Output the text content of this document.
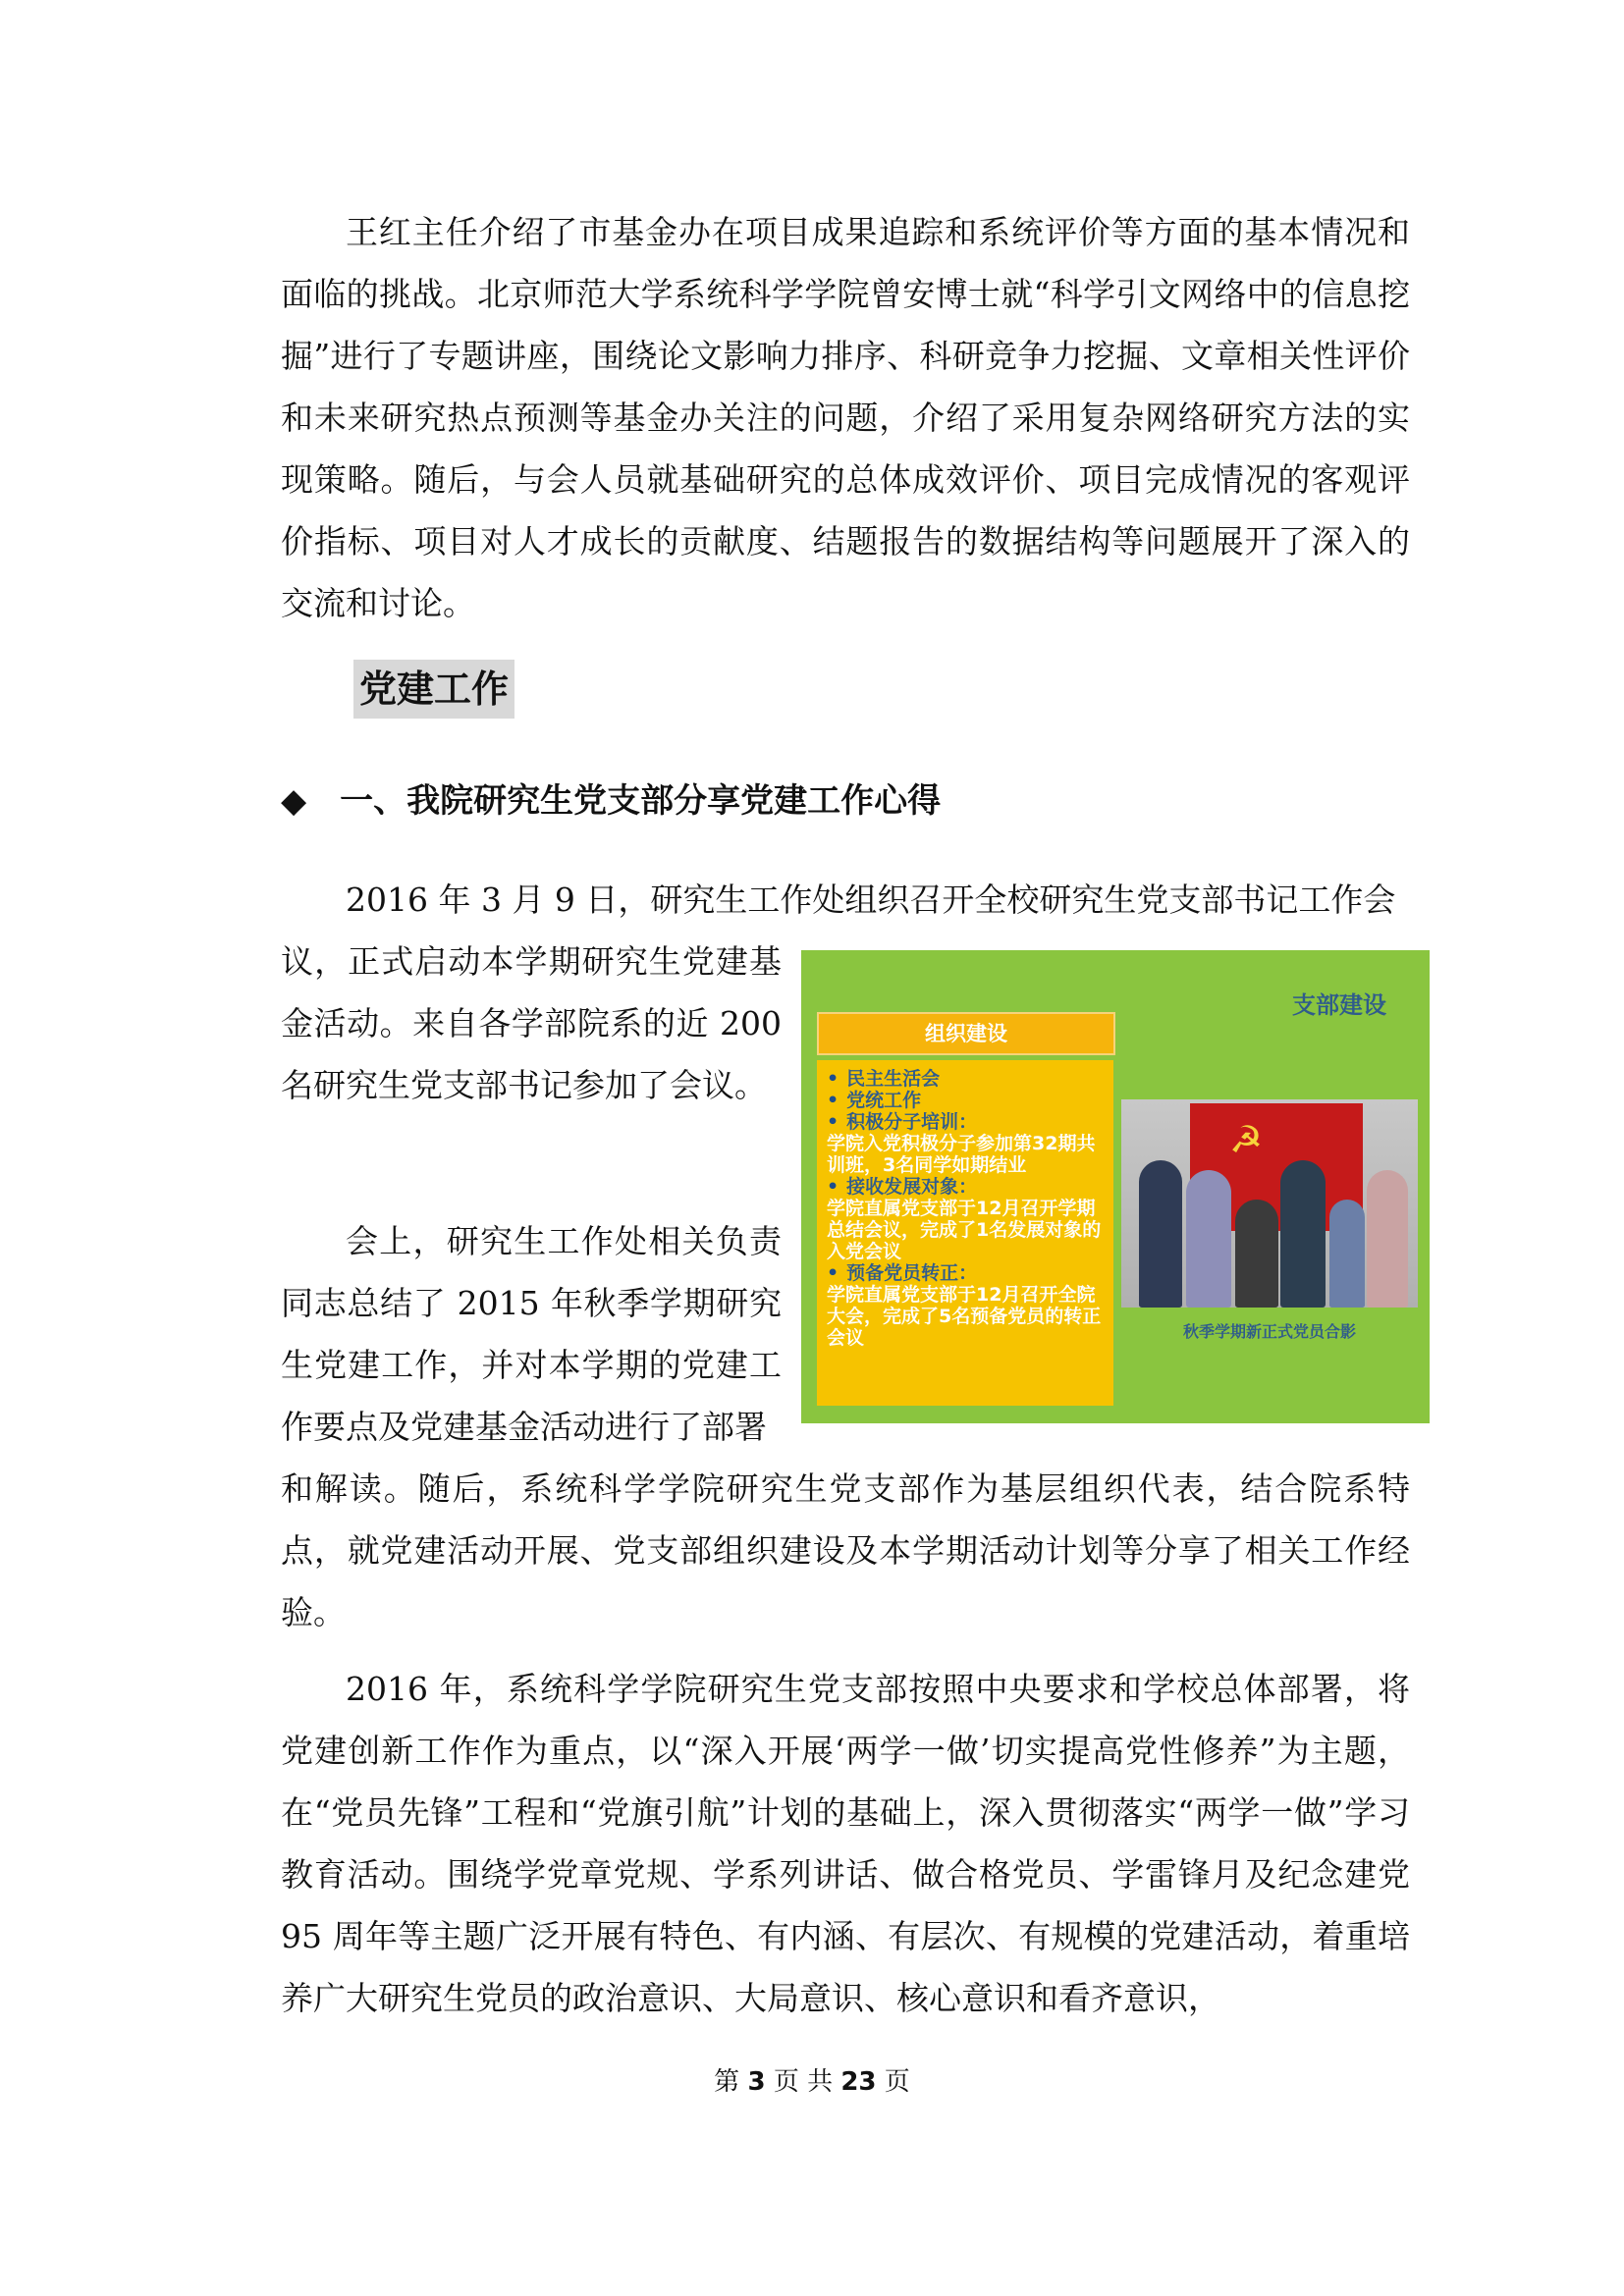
王红主任介绍了市基金办在项目成果追踪和系统评价等方面的基本情况和面临的挑战。北京师范大学系统科学学院曾安博士就“科学引文网络中的信息挖掘”进行了专题讲座，围绕论文影响力排序、科研竞争力挖掘、文章相关性评价和未来研究热点预测等基金办关注的问题，介绍了采用复杂网络研究方法的实现策略。随后，与会人员就基础研究的总体成效评价、项目完成情况的客观评价指标、项目对人才成长的贡献度、结题报告的数据结构等问题展开了深入的交流和讨论。

党建工作
◆ 一、我院研究生党支部分享党建工作心得

2016 年 3 月 9 日，研究生工作处组织召开全校研究生党支部书记工作会

议，正式启动本学期研究生党建基金活动。来自各学部院系的近 200 名研究生党支部书记参加了会议。

会上，研究生工作处相关负责同志总结了 2015 年秋季学期研究生党建工作，并对本学期的党建工作要点及党建基金活动进行了部署

和解读。随后，系统科学学院研究生党支部作为基层组织代表，结合院系特点，就党建活动开展、党支部组织建设及本学期活动计划等分享了相关工作经验。

2016 年，系统科学学院研究生党支部按照中央要求和学校总体部署，将党建创新工作作为重点，以“深入开展‘两学一做’切实提高党性修养”为主题，在“党员先锋”工程和“党旗引航”计划的基础上，深入贯彻落实“两学一做”学习教育活动。围绕学党章党规、学系列讲话、做合格党员、学雷锋月及纪念建党 95 周年等主题广泛开展有特色、有内涵、有层次、有规模的党建活动，着重培养广大研究生党员的政治意识、大局意识、核心意识和看齐意识，

支部建设
组织建设

• 民主生活会

• 党统工作

• 积极分子培训：
学院入党积极分子参加第32期共训班，3名同学如期结业

• 接收发展对象：
学院直属党支部于12月召开学期总结会议，完成了1名发展对象的入党会议

• 预备党员转正：
学院直属党支部于12月召开全院大会，完成了5名预备党员的转正会议

☭
秋季学期新正式党员合影
第 3 页 共 23 页
